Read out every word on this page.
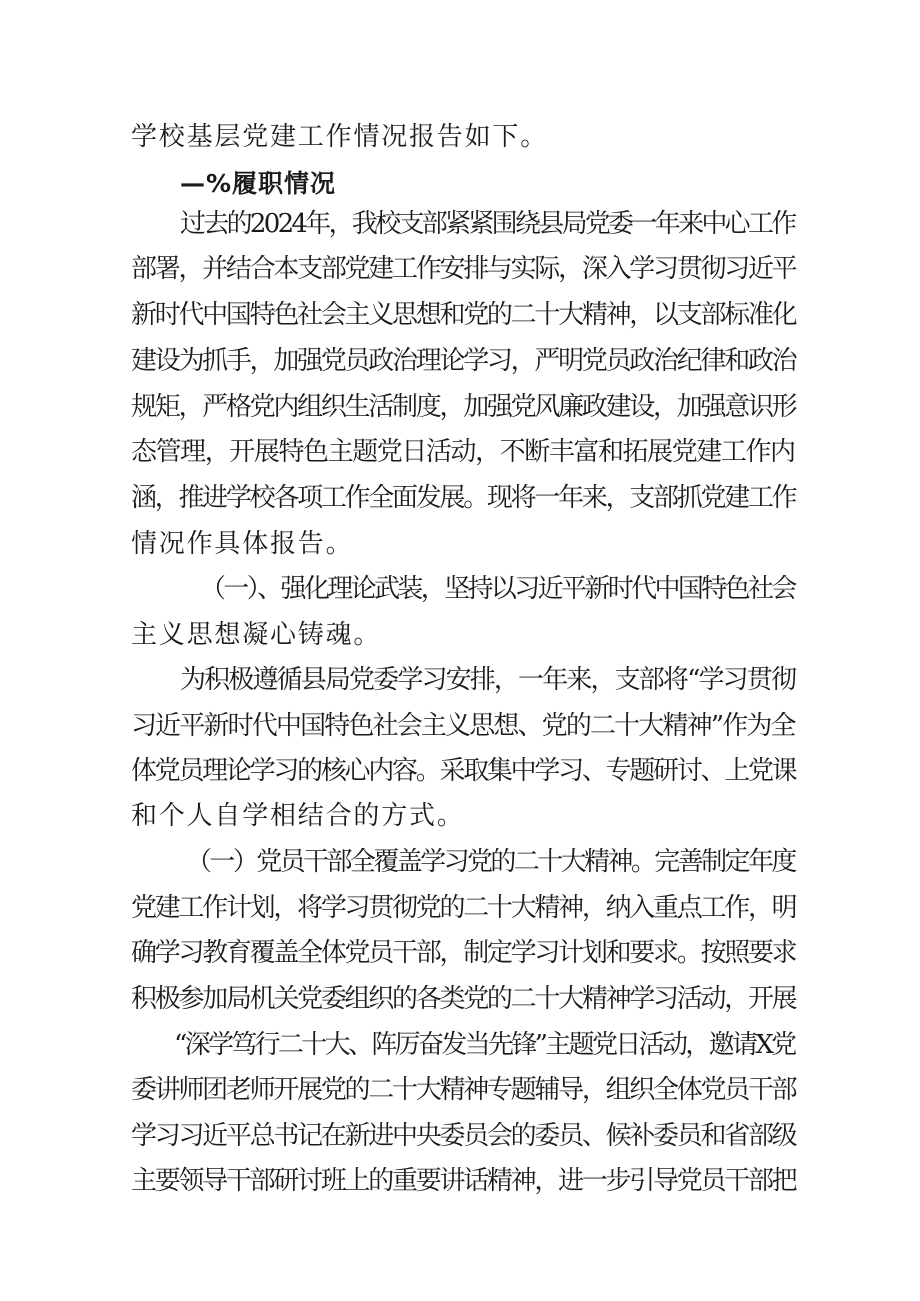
学校基层党建工作情况报告如下。
—%履职情况
过去的2024年，我校支部紧紧围绕县局党委一年来中心工作
部署，并结合本支部党建工作安排与实际，深入学习贯彻习近平
新时代中国特色社会主义思想和党的二十大精神，以支部标准化
建设为抓手，加强党员政治理论学习，严明党员政治纪律和政治
规矩，严格党内组织生活制度，加强党风廉政建设，加强意识形
态管理，开展特色主题党日活动，不断丰富和拓展党建工作内
涵，推进学校各项工作全面发展。现将一年来，支部抓党建工作
情况作具体报告。
（一）、强化理论武装，坚持以习近平新时代中国特色社会
主义思想凝心铸魂。
为积极遵循县局党委学习安排，一年来，支部将“学习贯彻
习近平新时代中国特色社会主义思想、党的二十大精神”作为全
体党员理论学习的核心内容。采取集中学习、专题研讨、上党课
和个人自学相结合的方式。
（一）党员干部全覆盖学习党的二十大精神。完善制定年度
党建工作计划，将学习贯彻党的二十大精神，纳入重点工作，明
确学习教育覆盖全体党员干部，制定学习计划和要求。按照要求
积极参加局机关党委组织的各类党的二十大精神学习活动，开展
“深学笃行二十大、阵厉奋发当先锋”主题党日活动，邀请X党
委讲师团老师开展党的二十大精神专题辅导，组织全体党员干部
学习习近平总书记在新进中央委员会的委员、候补委员和省部级
主要领导干部研讨班上的重要讲话精神，进一步引导党员干部把
